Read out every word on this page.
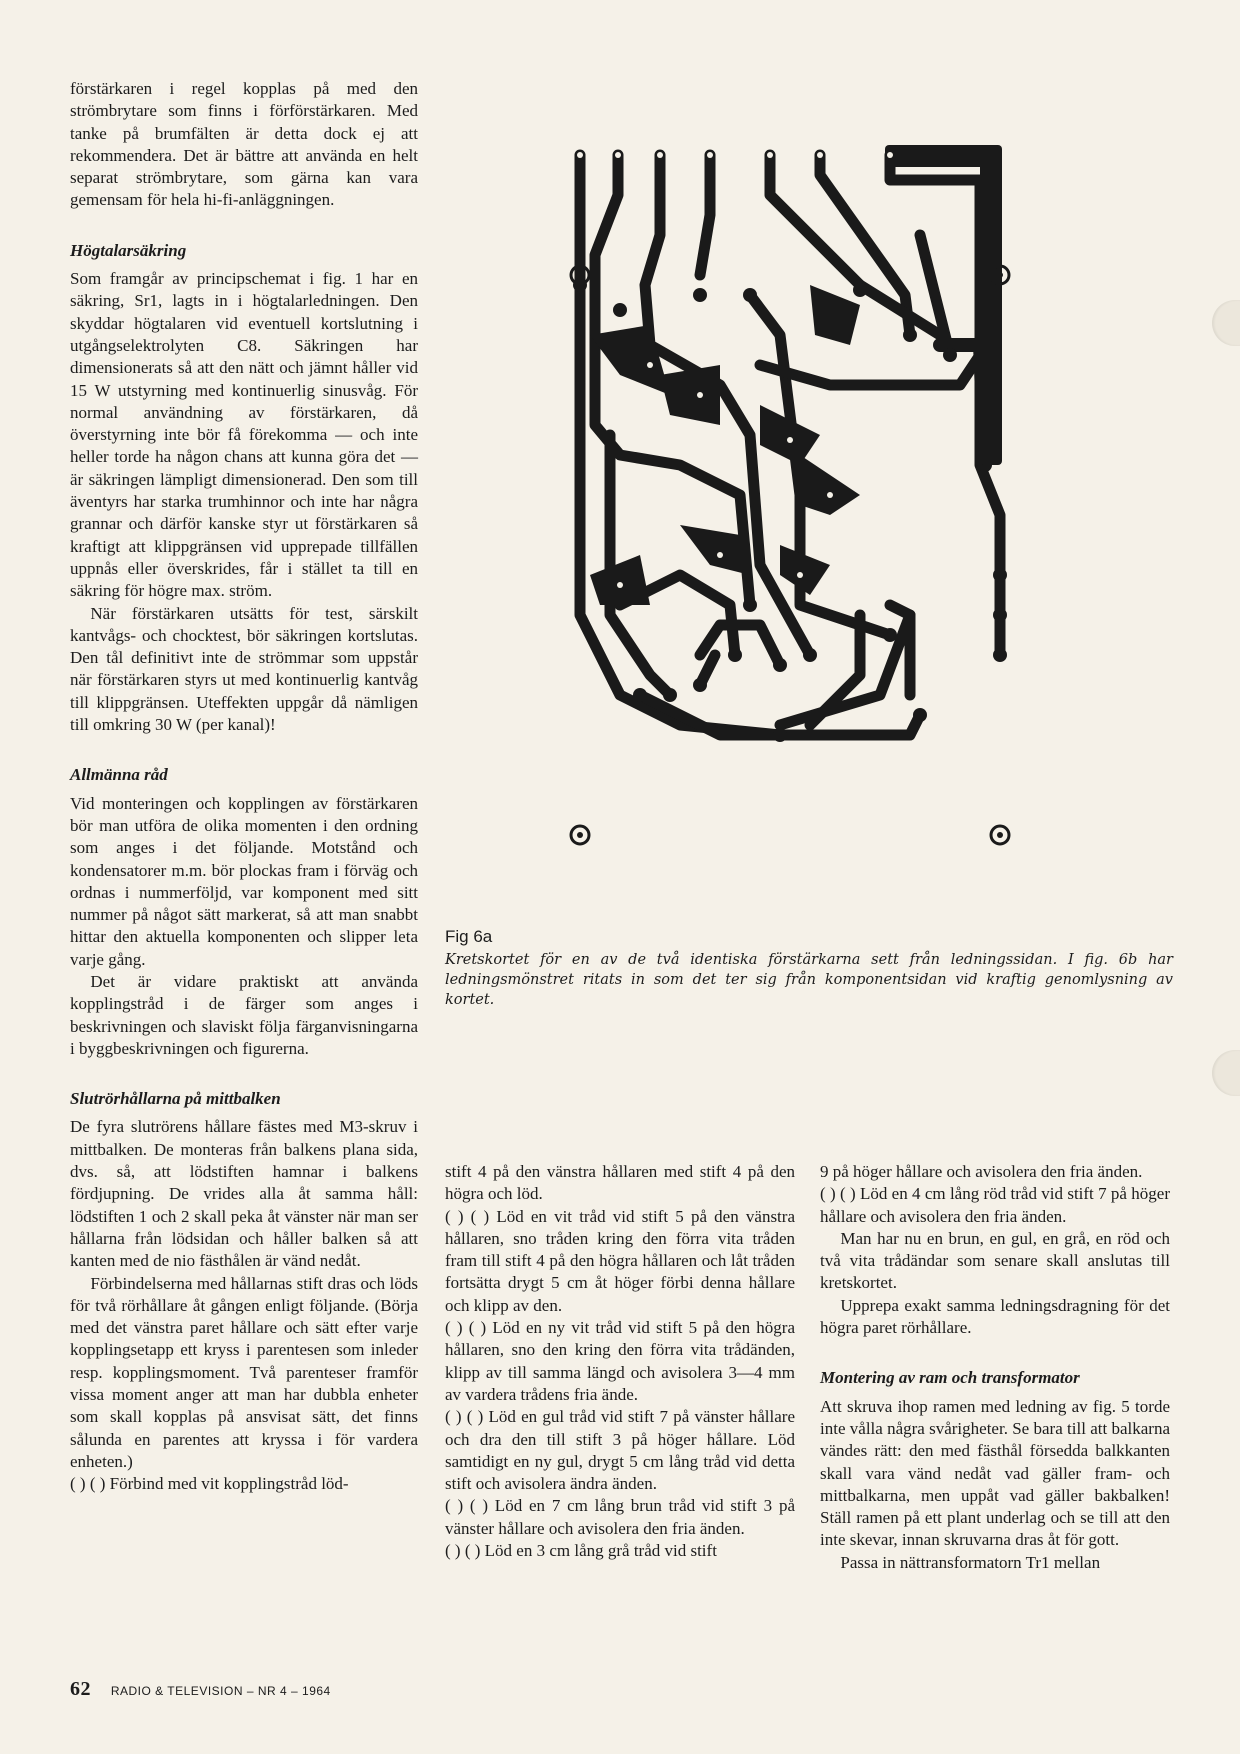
förstärkaren i regel kopplas på med den strömbrytare som finns i förförstärkaren. Med tanke på brumfälten är detta dock ej att rekommendera. Det är bättre att använda en helt separat strömbrytare, som gärna kan vara gemensam för hela hi-fi-anläggningen.

Högtalarsäkring

Som framgår av principschemat i fig. 1 har en säkring, Sr1, lagts in i högtalarledningen. Den skyddar högtalaren vid eventuell kortslutning i utgångselektrolyten C8. Säkringen har dimensionerats så att den nätt och jämnt håller vid 15 W utstyrning med kontinuerlig sinusvåg. För normal användning av förstärkaren, då överstyrning inte bör få förekomma — och inte heller torde ha någon chans att kunna göra det — är säkringen lämpligt dimensionerad. Den som till äventyrs har starka trumhinnor och inte har några grannar och därför kanske styr ut förstärkaren så kraftigt att klippgränsen vid upprepade tillfällen uppnås eller överskrides, får i stället ta till en säkring för högre max. ström.

När förstärkaren utsätts för test, särskilt kantvågs- och chocktest, bör säkringen kortslutas. Den tål definitivt inte de strömmar som uppstår när förstärkaren styrs ut med kontinuerlig kantvåg till klippgränsen. Uteffekten uppgår då nämligen till omkring 30 W (per kanal)!

Allmänna råd

Vid monteringen och kopplingen av förstärkaren bör man utföra de olika momenten i den ordning som anges i det följande. Motstånd och kondensatorer m.m. bör plockas fram i förväg och ordnas i nummerföljd, var komponent med sitt nummer på något sätt markerat, så att man snabbt hittar den aktuella komponenten och slipper leta varje gång.

Det är vidare praktiskt att använda kopplingstråd i de färger som anges i beskrivningen och slaviskt följa färganvisningarna i byggbeskrivningen och figurerna.

Slutrörhållarna på mittbalken

De fyra slutrörens hållare fästes med M3-skruv i mittbalken. De monteras från balkens plana sida, dvs. så, att lödstiften hamnar i balkens fördjupning. De vrides alla åt samma håll: lödstiften 1 och 2 skall peka åt vänster när man ser hållarna från lödsidan och håller balken så att kanten med de nio fästhålen är vänd nedåt.

Förbindelserna med hållarnas stift dras och löds för två rörhållare åt gången enligt följande. (Börja med det vänstra paret hållare och sätt efter varje kopplingsetapp ett kryss i parentesen som inleder resp. kopplingsmoment. Två parenteser framför vissa moment anger att man har dubbla enheter som skall kopplas på ansvisat sätt, det finns sålunda en parentes att kryssa i för vardera enheten.)

( ) ( ) Förbind med vit kopplingstråd löd-

Fig 6a
Kretskortet för en av de två identiska förstärkarna sett från ledningssidan. I fig. 6b har ledningsmönstret ritats in som det ter sig från komponentsidan vid kraftig genomlysning av kortet.

stift 4 på den vänstra hållaren med stift 4 på den högra och löd.

( ) ( ) Löd en vit tråd vid stift 5 på den vänstra hållaren, sno tråden kring den förra vita tråden fram till stift 4 på den högra hållaren och låt tråden fortsätta drygt 5 cm åt höger förbi denna hållare och klipp av den.

( ) ( ) Löd en ny vit tråd vid stift 5 på den högra hållaren, sno den kring den förra vita trådänden, klipp av till samma längd och avisolera 3—4 mm av vardera trådens fria ände.

( ) ( ) Löd en gul tråd vid stift 7 på vänster hållare och dra den till stift 3 på höger hållare. Löd samtidigt en ny gul, drygt 5 cm lång tråd vid detta stift och avisolera ändra änden.

( ) ( ) Löd en 7 cm lång brun tråd vid stift 3 på vänster hållare och avisolera den fria änden.

( ) ( ) Löd en 3 cm lång grå tråd vid stift

9 på höger hållare och avisolera den fria änden.

( ) ( ) Löd en 4 cm lång röd tråd vid stift 7 på höger hållare och avisolera den fria änden.

Man har nu en brun, en gul, en grå, en röd och två vita trådändar som senare skall anslutas till kretskortet.

Upprepa exakt samma ledningsdragning för det högra paret rörhållare.

Montering av ram och transformator

Att skruva ihop ramen med ledning av fig. 5 torde inte vålla några svårigheter. Se bara till att balkarna vändes rätt: den med fästhål försedda balkkanten skall vara vänd nedåt vad gäller fram- och mittbalkarna, men uppåt vad gäller bakbalken! Ställ ramen på ett plant underlag och se till att den inte skevar, innan skruvarna dras åt för gott.

Passa in nättransformatorn Tr1 mellan

62 RADIO & TELEVISION – NR 4 – 1964
